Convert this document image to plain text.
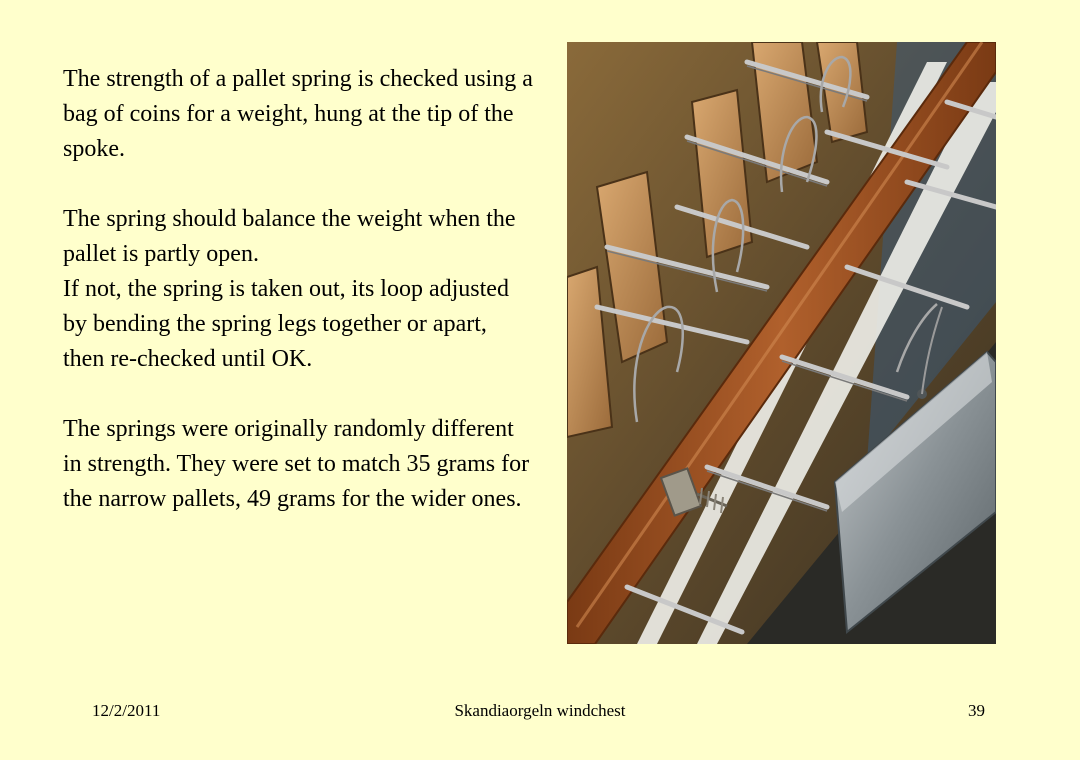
The strength of a pallet spring is checked using a bag of coins for a weight, hung at the tip of the spoke.

The spring should balance the weight when the pallet is partly open.

If not, the spring is taken out, its loop adjusted by bending the spring legs together or apart, then re-checked until OK.

The springs were originally randomly different in strength. They were set to match 35 grams for the narrow pallets, 49 grams for the wider ones.

12/2/2011	Skandiaorgeln windchest	39
